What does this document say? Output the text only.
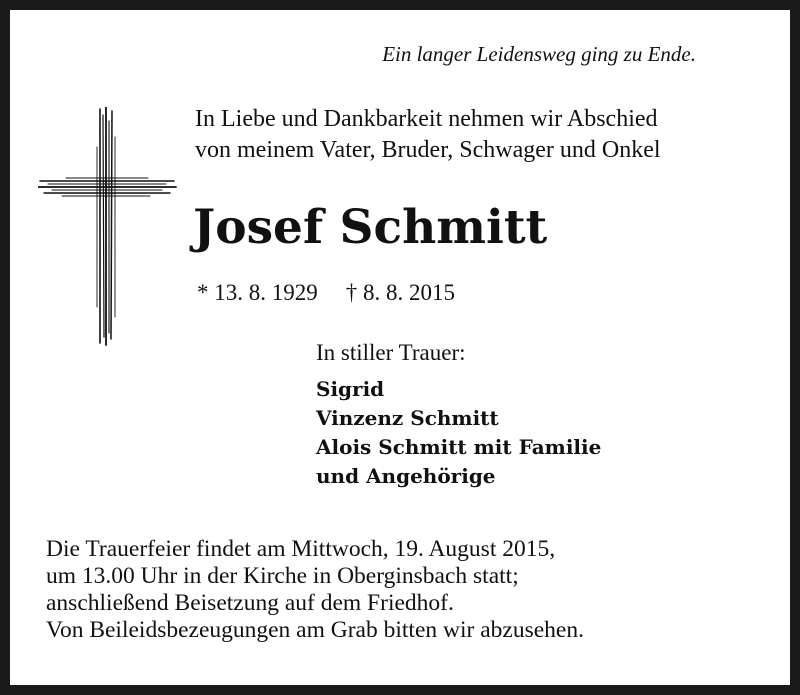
Ein langer Leidensweg ging zu Ende.
In Liebe und Dankbarkeit nehmen wir Abschied
von meinem Vater, Bruder, Schwager und Onkel
Josef Schmitt
* 13. 8. 1929 † 8. 8. 2015
In stiller Trauer:
Sigrid
Vinzenz Schmitt
Alois Schmitt mit Familie
und Angehörige
Die Trauerfeier findet am Mittwoch, 19. August 2015,
um 13.00 Uhr in der Kirche in Oberginsbach statt;
anschließend Beisetzung auf dem Friedhof.
Von Beileidsbezeugungen am Grab bitten wir abzusehen.
